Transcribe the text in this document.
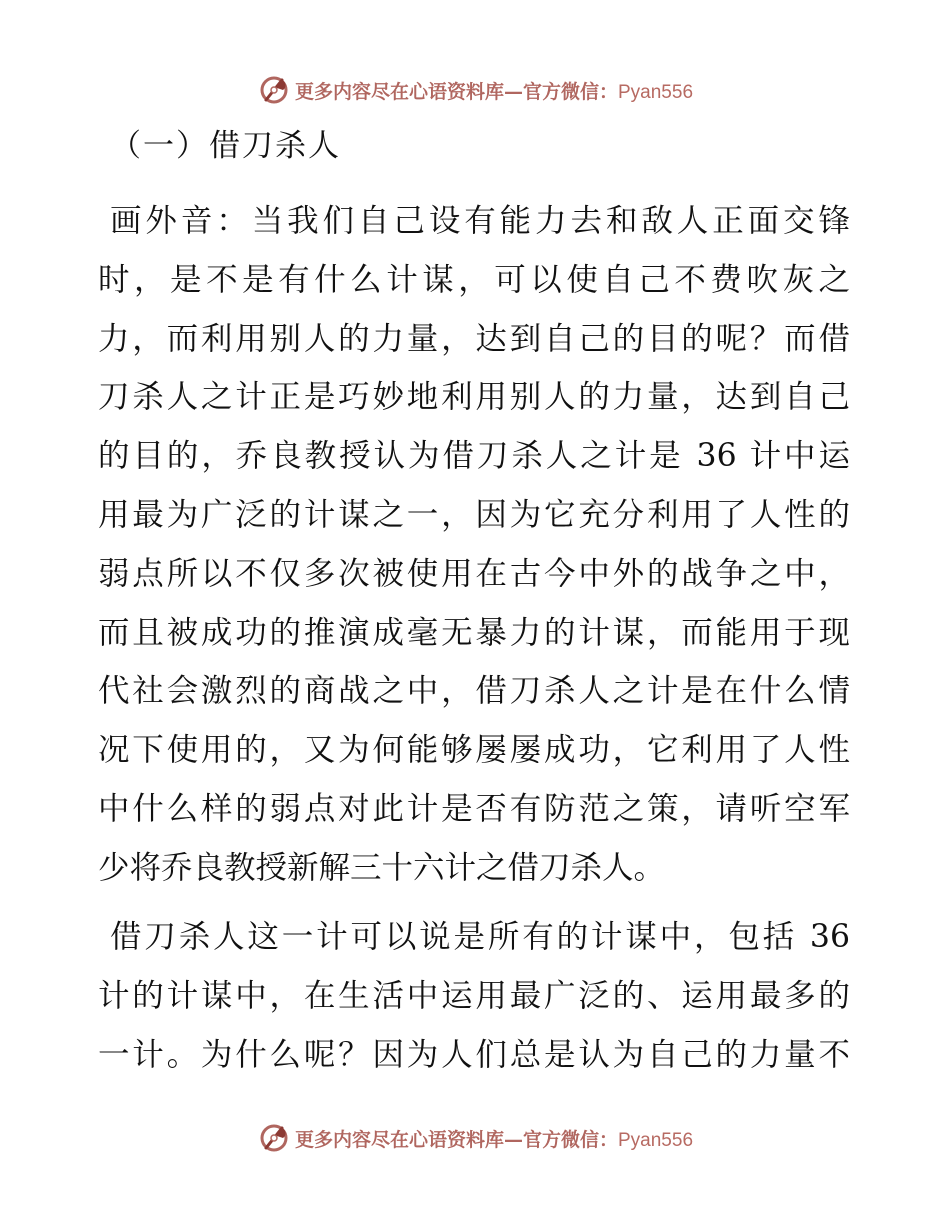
更多内容尽在心语资料库—官方微信：Pyan556
（一）借刀杀人
画外音：当我们自己设有能力去和敌人正面交锋
时，是不是有什么计谋，可以使自己不费吹灰之
力，而利用别人的力量，达到自己的目的呢？而借
刀杀人之计正是巧妙地利用别人的力量，达到自己
的目的，乔良教授认为借刀杀人之计是 36 计中运
用最为广泛的计谋之一，因为它充分利用了人性的
弱点所以不仅多次被使用在古今中外的战争之中，
而且被成功的推演成毫无暴力的计谋，而能用于现
代社会激烈的商战之中，借刀杀人之计是在什么情
况下使用的，又为何能够屡屡成功，它利用了人性
中什么样的弱点对此计是否有防范之策，请听空军
少将乔良教授新解三十六计之借刀杀人。
借刀杀人这一计可以说是所有的计谋中，包括 36
计的计谋中，在生活中运用最广泛的、运用最多的
一计。为什么呢？因为人们总是认为自己的力量不
更多内容尽在心语资料库—官方微信：Pyan556
